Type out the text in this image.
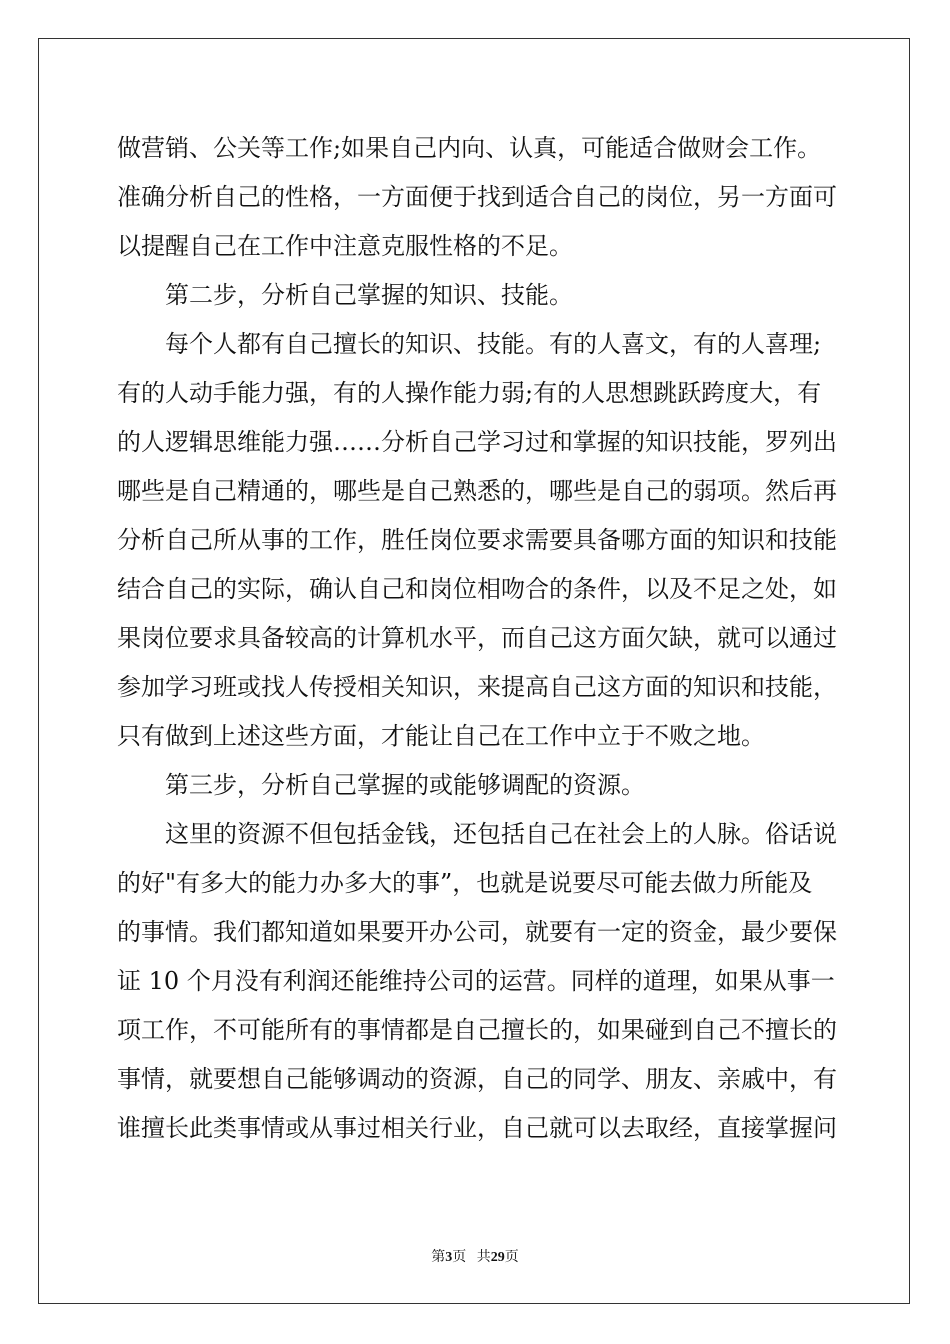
做营销、公关等工作;如果自己内向、认真，可能适合做财会工作。
准确分析自己的性格，一方面便于找到适合自己的岗位，另一方面可
以提醒自己在工作中注意克服性格的不足。
　　第二步，分析自己掌握的知识、技能。
　　每个人都有自己擅长的知识、技能。有的人喜文，有的人喜理;
有的人动手能力强，有的人操作能力弱;有的人思想跳跃跨度大，有
的人逻辑思维能力强……分析自己学习过和掌握的知识技能，罗列出
哪些是自己精通的，哪些是自己熟悉的，哪些是自己的弱项。然后再
分析自己所从事的工作，胜任岗位要求需要具备哪方面的知识和技能
结合自己的实际，确认自己和岗位相吻合的条件，以及不足之处，如
果岗位要求具备较高的计算机水平，而自己这方面欠缺，就可以通过
参加学习班或找人传授相关知识，来提高自己这方面的知识和技能，
只有做到上述这些方面，才能让自己在工作中立于不败之地。
　　第三步，分析自己掌握的或能够调配的资源。
　　这里的资源不但包括金钱，还包括自己在社会上的人脉。俗话说
的好"有多大的能力办多大的事”，也就是说要尽可能去做力所能及
的事情。我们都知道如果要开办公司，就要有一定的资金，最少要保
证 10 个月没有利润还能维持公司的运营。同样的道理，如果从事一
项工作，不可能所有的事情都是自己擅长的，如果碰到自己不擅长的
事情，就要想自己能够调动的资源，自己的同学、朋友、亲戚中，有
谁擅长此类事情或从事过相关行业，自己就可以去取经，直接掌握问
第3页 共29页
